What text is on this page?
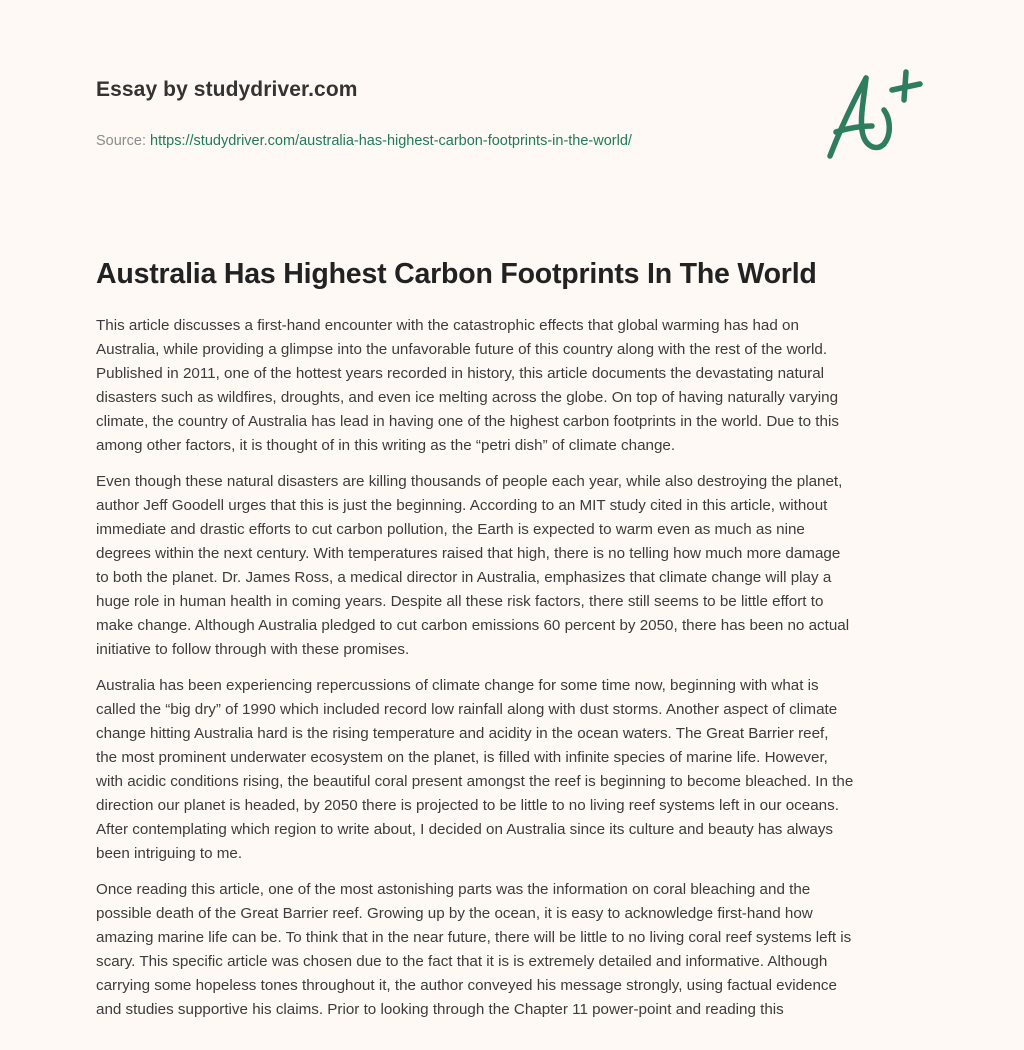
Essay by studydriver.com
Source: https://studydriver.com/australia-has-highest-carbon-footprints-in-the-world/
Australia Has Highest Carbon Footprints In The World

This article discusses a first-hand encounter with the catastrophic effects that global warming has had on
Australia, while providing a glimpse into the unfavorable future of this country along with the rest of the world.
Published in 2011, one of the hottest years recorded in history, this article documents the devastating natural
disasters such as wildfires, droughts, and even ice melting across the globe. On top of having naturally varying
climate, the country of Australia has lead in having one of the highest carbon footprints in the world. Due to this
among other factors, it is thought of in this writing as the “petri dish” of climate change.

Even though these natural disasters are killing thousands of people each year, while also destroying the planet,
author Jeff Goodell urges that this is just the beginning. According to an MIT study cited in this article, without
immediate and drastic efforts to cut carbon pollution, the Earth is expected to warm even as much as nine
degrees within the next century. With temperatures raised that high, there is no telling how much more damage
to both the planet. Dr. James Ross, a medical director in Australia, emphasizes that climate change will play a
huge role in human health in coming years. Despite all these risk factors, there still seems to be little effort to
make change. Although Australia pledged to cut carbon emissions 60 percent by 2050, there has been no actual
initiative to follow through with these promises.

Australia has been experiencing repercussions of climate change for some time now, beginning with what is
called the “big dry” of 1990 which included record low rainfall along with dust storms. Another aspect of climate
change hitting Australia hard is the rising temperature and acidity in the ocean waters. The Great Barrier reef,
the most prominent underwater ecosystem on the planet, is filled with infinite species of marine life. However,
with acidic conditions rising, the beautiful coral present amongst the reef is beginning to become bleached. In the
direction our planet is headed, by 2050 there is projected to be little to no living reef systems left in our oceans.
After contemplating which region to write about, I decided on Australia since its culture and beauty has always
been intriguing to me.

Once reading this article, one of the most astonishing parts was the information on coral bleaching and the
possible death of the Great Barrier reef. Growing up by the ocean, it is easy to acknowledge first-hand how
amazing marine life can be. To think that in the near future, there will be little to no living coral reef systems left is
scary. This specific article was chosen due to the fact that it is is extremely detailed and informative. Although
carrying some hopeless tones throughout it, the author conveyed his message strongly, using factual evidence
and studies supportive his claims. Prior to looking through the Chapter 11 power-point and reading this
